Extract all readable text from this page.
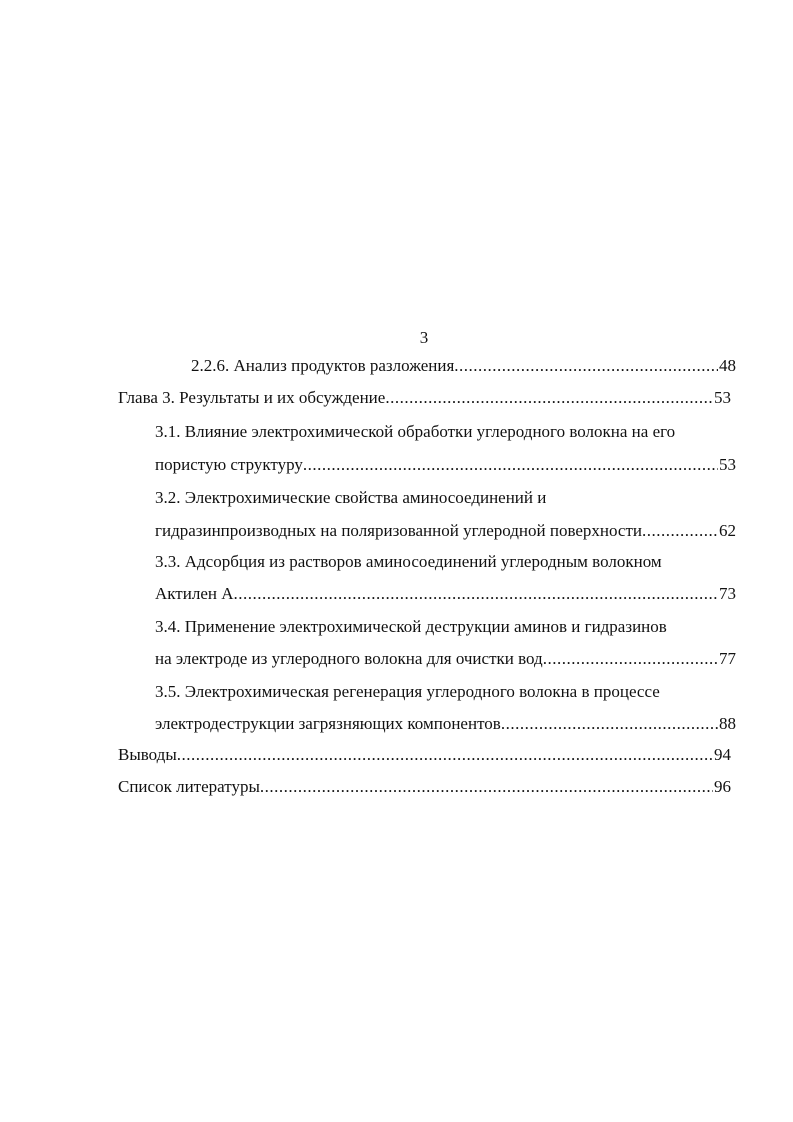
3
2.2.6. Анализ продуктов разложения .....	48
Глава 3. Результаты и их обсуждение .....	53
3.1. Влияние электрохимической обработки углеродного волокна на его
пористую структуру .....	53
3.2. Электрохимические свойства аминосоединений и
гидразинпроизводных на поляризованной углеродной поверхности .....	62
3.3. Адсорбция из растворов аминосоединений углеродным волокном
Актилен А .....	73
3.4. Применение электрохимической деструкции аминов и гидразинов
на электроде из углеродного волокна для очистки вод .....	77
3.5. Электрохимическая регенерация углеродного волокна в процессе
электродеструкции загрязняющих компонентов .....	88
Выводы .....	94
Список литературы .....	96
